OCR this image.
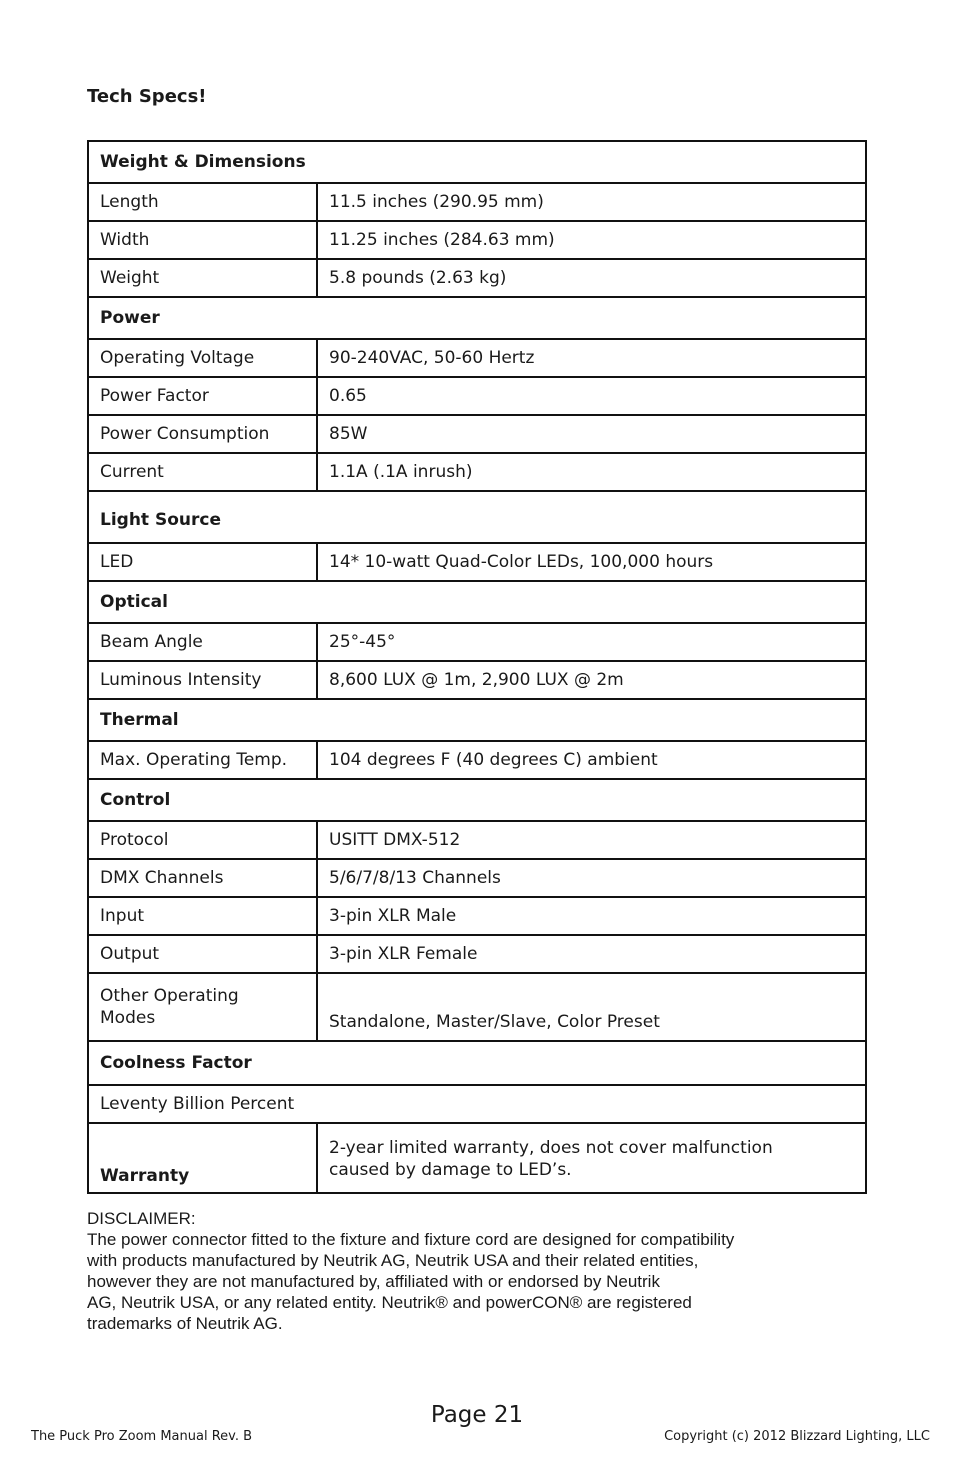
Tech Specs!
Weight & Dimensions	
Length	11.5 inches (290.95 mm)
Width	11.25 inches (284.63 mm)
Weight	5.8 pounds (2.63 kg)
Power	
Operating Voltage	90-240VAC, 50-60 Hertz
Power Factor	0.65
Power Consumption	85W
Current	1.1A (.1A inrush)
Light Source	
LED	14* 10-watt Quad-Color LEDs, 100,000 hours
Optical	
Beam Angle	25°-45°
Luminous Intensity	8,600 LUX @ 1m, 2,900 LUX @ 2m
Thermal	
Max. Operating Temp.	104 degrees F (40 degrees C) ambient
Control	
Protocol	USITT DMX-512
DMX Channels	5/6/7/8/13 Channels
Input	3-pin XLR Male
Output	3-pin XLR Female

Other Operating
Modes	Standalone, Master/Slave, Color Preset
Coolness Factor	
Leventy Billion Percent	
Warranty	2-year limited warranty, does not cover malfunction
caused by damage to LED’s.
DISCLAIMER:
The power connector fitted to the fixture and fixture cord are designed for compatibility
with products manufactured by Neutrik AG, Neutrik USA and their related entities,
however they are not manufactured by, affiliated with or endorsed by Neutrik
AG, Neutrik USA, or any related entity. Neutrik® and powerCON® are registered
trademarks of Neutrik AG.
Page 21
The Puck Pro Zoom Manual Rev. B	Copyright (c) 2012 Blizzard Lighting, LLC
